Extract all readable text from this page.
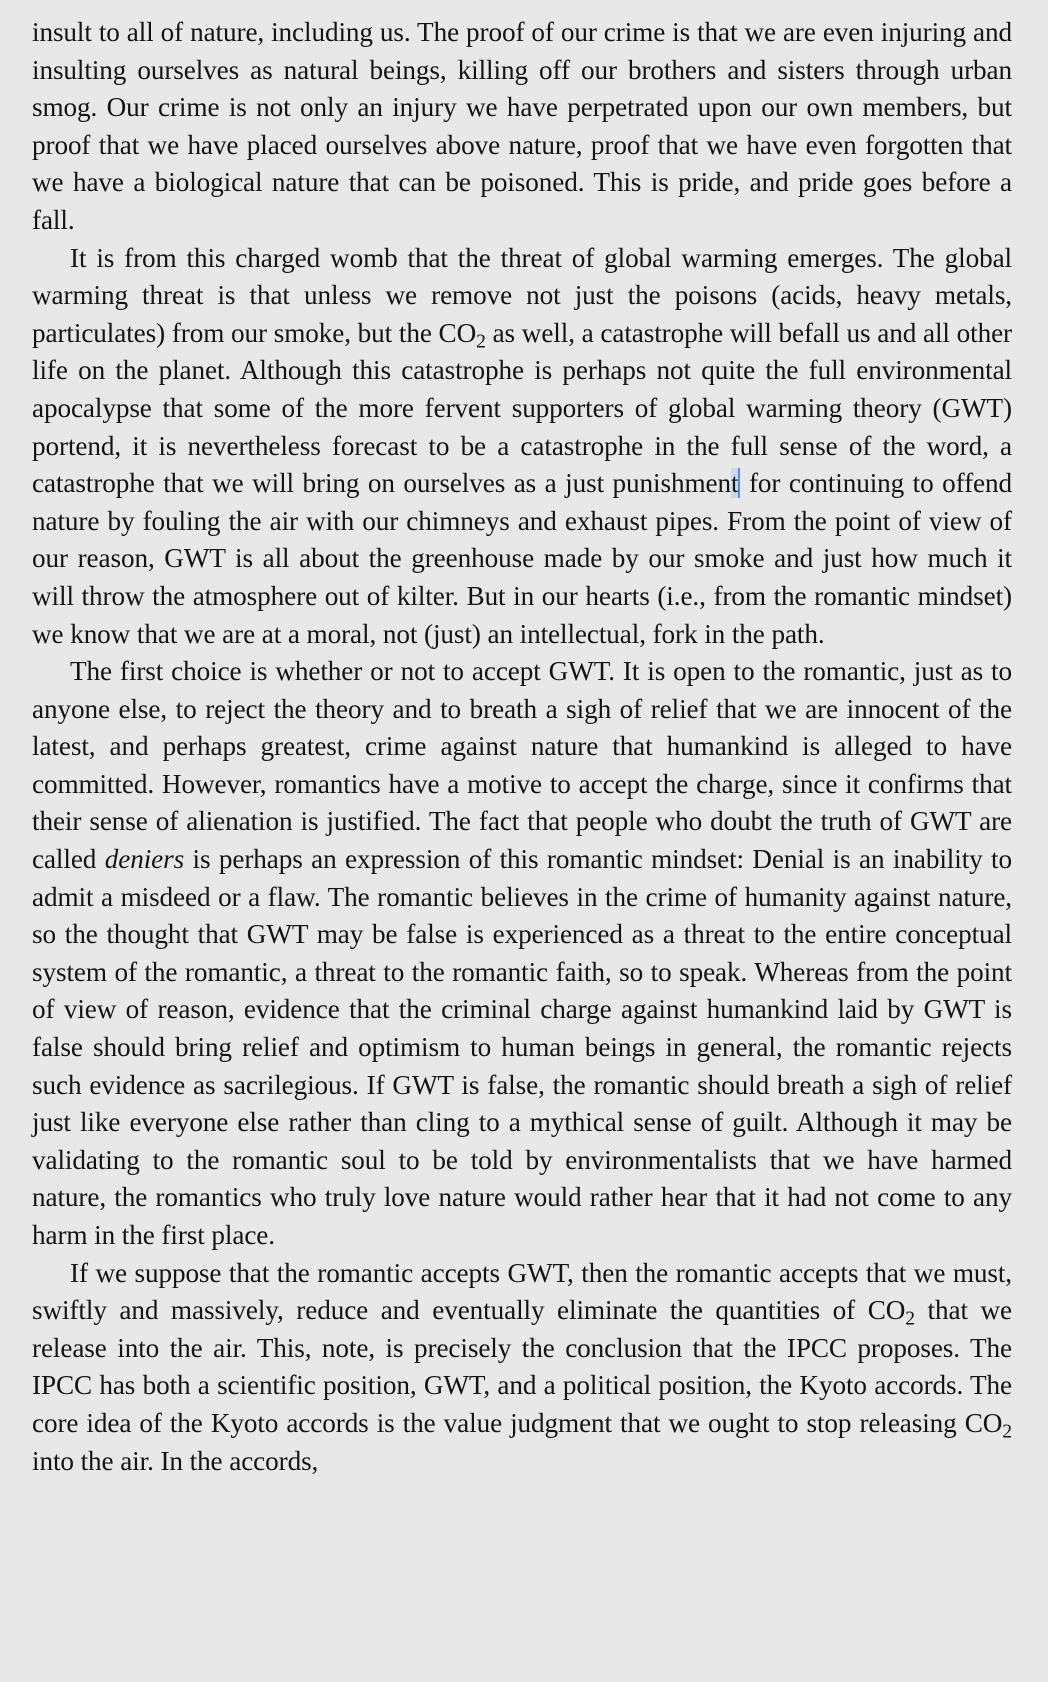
insult to all of nature, including us. The proof of our crime is that we are even injuring and insulting ourselves as natural beings, killing off our brothers and sisters through urban smog. Our crime is not only an injury we have perpetrated upon our own members, but proof that we have placed ourselves above nature, proof that we have even forgotten that we have a biological nature that can be poisoned. This is pride, and pride goes before a fall.

It is from this charged womb that the threat of global warming emerges. The global warming threat is that unless we remove not just the poisons (acids, heavy metals, particulates) from our smoke, but the $CO_2$ as well, a catastrophe will befall us and all other life on the planet. Although this catastrophe is perhaps not quite the full environmental apocalypse that some of the more fervent supporters of global warming theory (GWT) portend, it is nevertheless forecast to be a catastrophe in the full sense of the word, a catastrophe that we will bring on ourselves as a just punishment for continuing to offend nature by fouling the air with our chimneys and exhaust pipes. From the point of view of our reason, GWT is all about the greenhouse made by our smoke and just how much it will throw the atmosphere out of kilter. But in our hearts (i.e., from the romantic mindset) we know that we are at a moral, not (just) an intellectual, fork in the path.

The first choice is whether or not to accept GWT. It is open to the romantic, just as to anyone else, to reject the theory and to breath a sigh of relief that we are innocent of the latest, and perhaps greatest, crime against nature that humankind is alleged to have committed. However, romantics have a motive to accept the charge, since it confirms that their sense of alienation is justified. The fact that people who doubt the truth of GWT are called deniers is perhaps an expression of this romantic mindset: Denial is an inability to admit a misdeed or a flaw. The romantic believes in the crime of humanity against nature, so the thought that GWT may be false is experienced as a threat to the entire conceptual system of the romantic, a threat to the romantic faith, so to speak. Whereas from the point of view of reason, evidence that the criminal charge against humankind laid by GWT is false should bring relief and optimism to human beings in general, the romantic rejects such evidence as sacrilegious. If GWT is false, the romantic should breath a sigh of relief just like everyone else rather than cling to a mythical sense of guilt. Although it may be validating to the romantic soul to be told by environmentalists that we have harmed nature, the romantics who truly love nature would rather hear that it had not come to any harm in the first place.

If we suppose that the romantic accepts GWT, then the romantic accepts that we must, swiftly and massively, reduce and eventually eliminate the quantities of $CO_2$ that we release into the air. This, note, is precisely the conclusion that the IPCC proposes. The IPCC has both a scientific position, GWT, and a political position, the Kyoto accords. The core idea of the Kyoto accords is the value judgment that we ought to stop releasing $CO_2$ into the air. In the accords,
